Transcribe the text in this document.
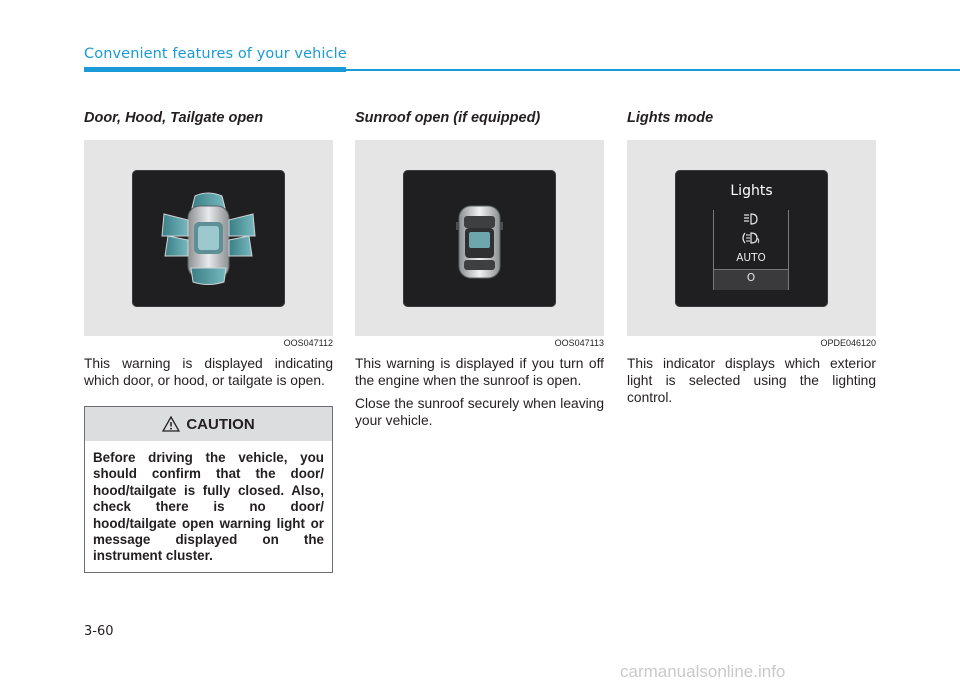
Convenient features of your vehicle
Door, Hood, Tailgate open
OOS047112

This warning is displayed indicating which door, or hood, or tailgate is open.

Sunroof open (if equipped)
OOS047113

This warning is displayed if you turn off the engine when the sunroof is open.

Close the sunroof securely when leaving your vehicle.

Lights mode
Lights
AUTO
O
OPDE046120

This indicator displays which exterior light is selected using the lighting control.

CAUTION

Before driving the vehicle, you should confirm that the door/ hood/tailgate is fully closed. Also, check there is no door/ hood/tailgate open warning light or message displayed on the instrument cluster.

3-60
carmanualsonline.info
